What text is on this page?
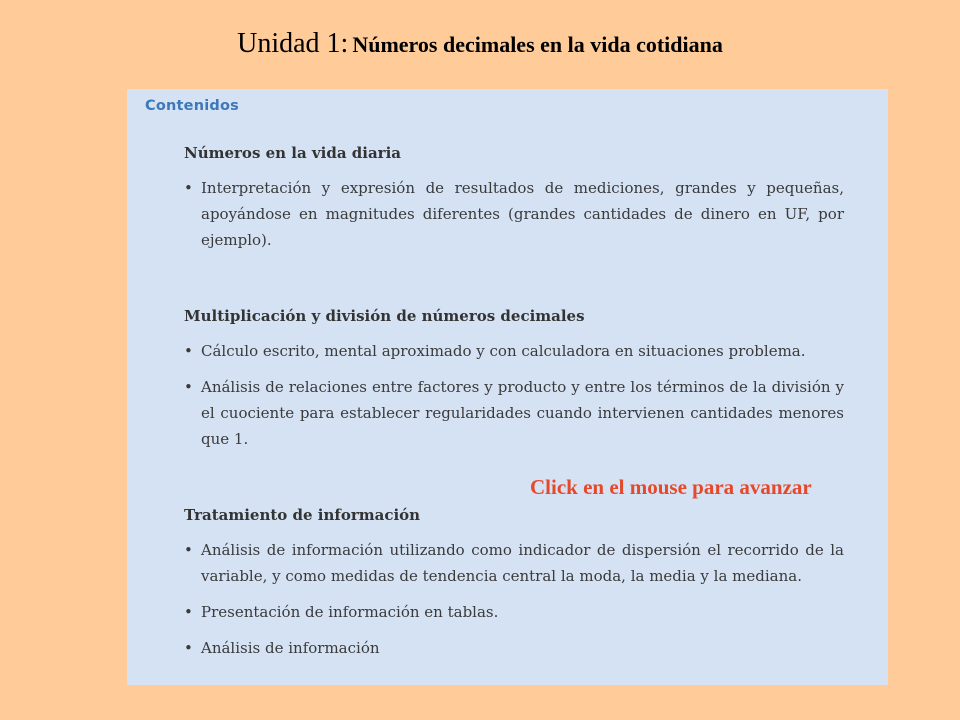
Unidad 1: Números decimales en la vida cotidiana
Contenidos
Números en la vida diaria
• Interpretación y expresión de resultados de mediciones, grandes y pequeñas, apoyándose en magnitudes diferentes (grandes cantidades de dinero en UF, por ejemplo).
Multiplicación y división de números decimales
• Cálculo escrito, mental aproximado y con calculadora en situaciones problema.
• Análisis de relaciones entre factores y producto y entre los términos de la división y el cuociente para establecer regularidades cuando intervienen cantidades menores que 1.
Tratamiento de información
• Análisis de información utilizando como indicador de dispersión el recorrido de la variable, y como medidas de tendencia central la moda, la media y la mediana.
• Presentación de información en tablas.
• Análisis de información
Click en el mouse para avanzar
